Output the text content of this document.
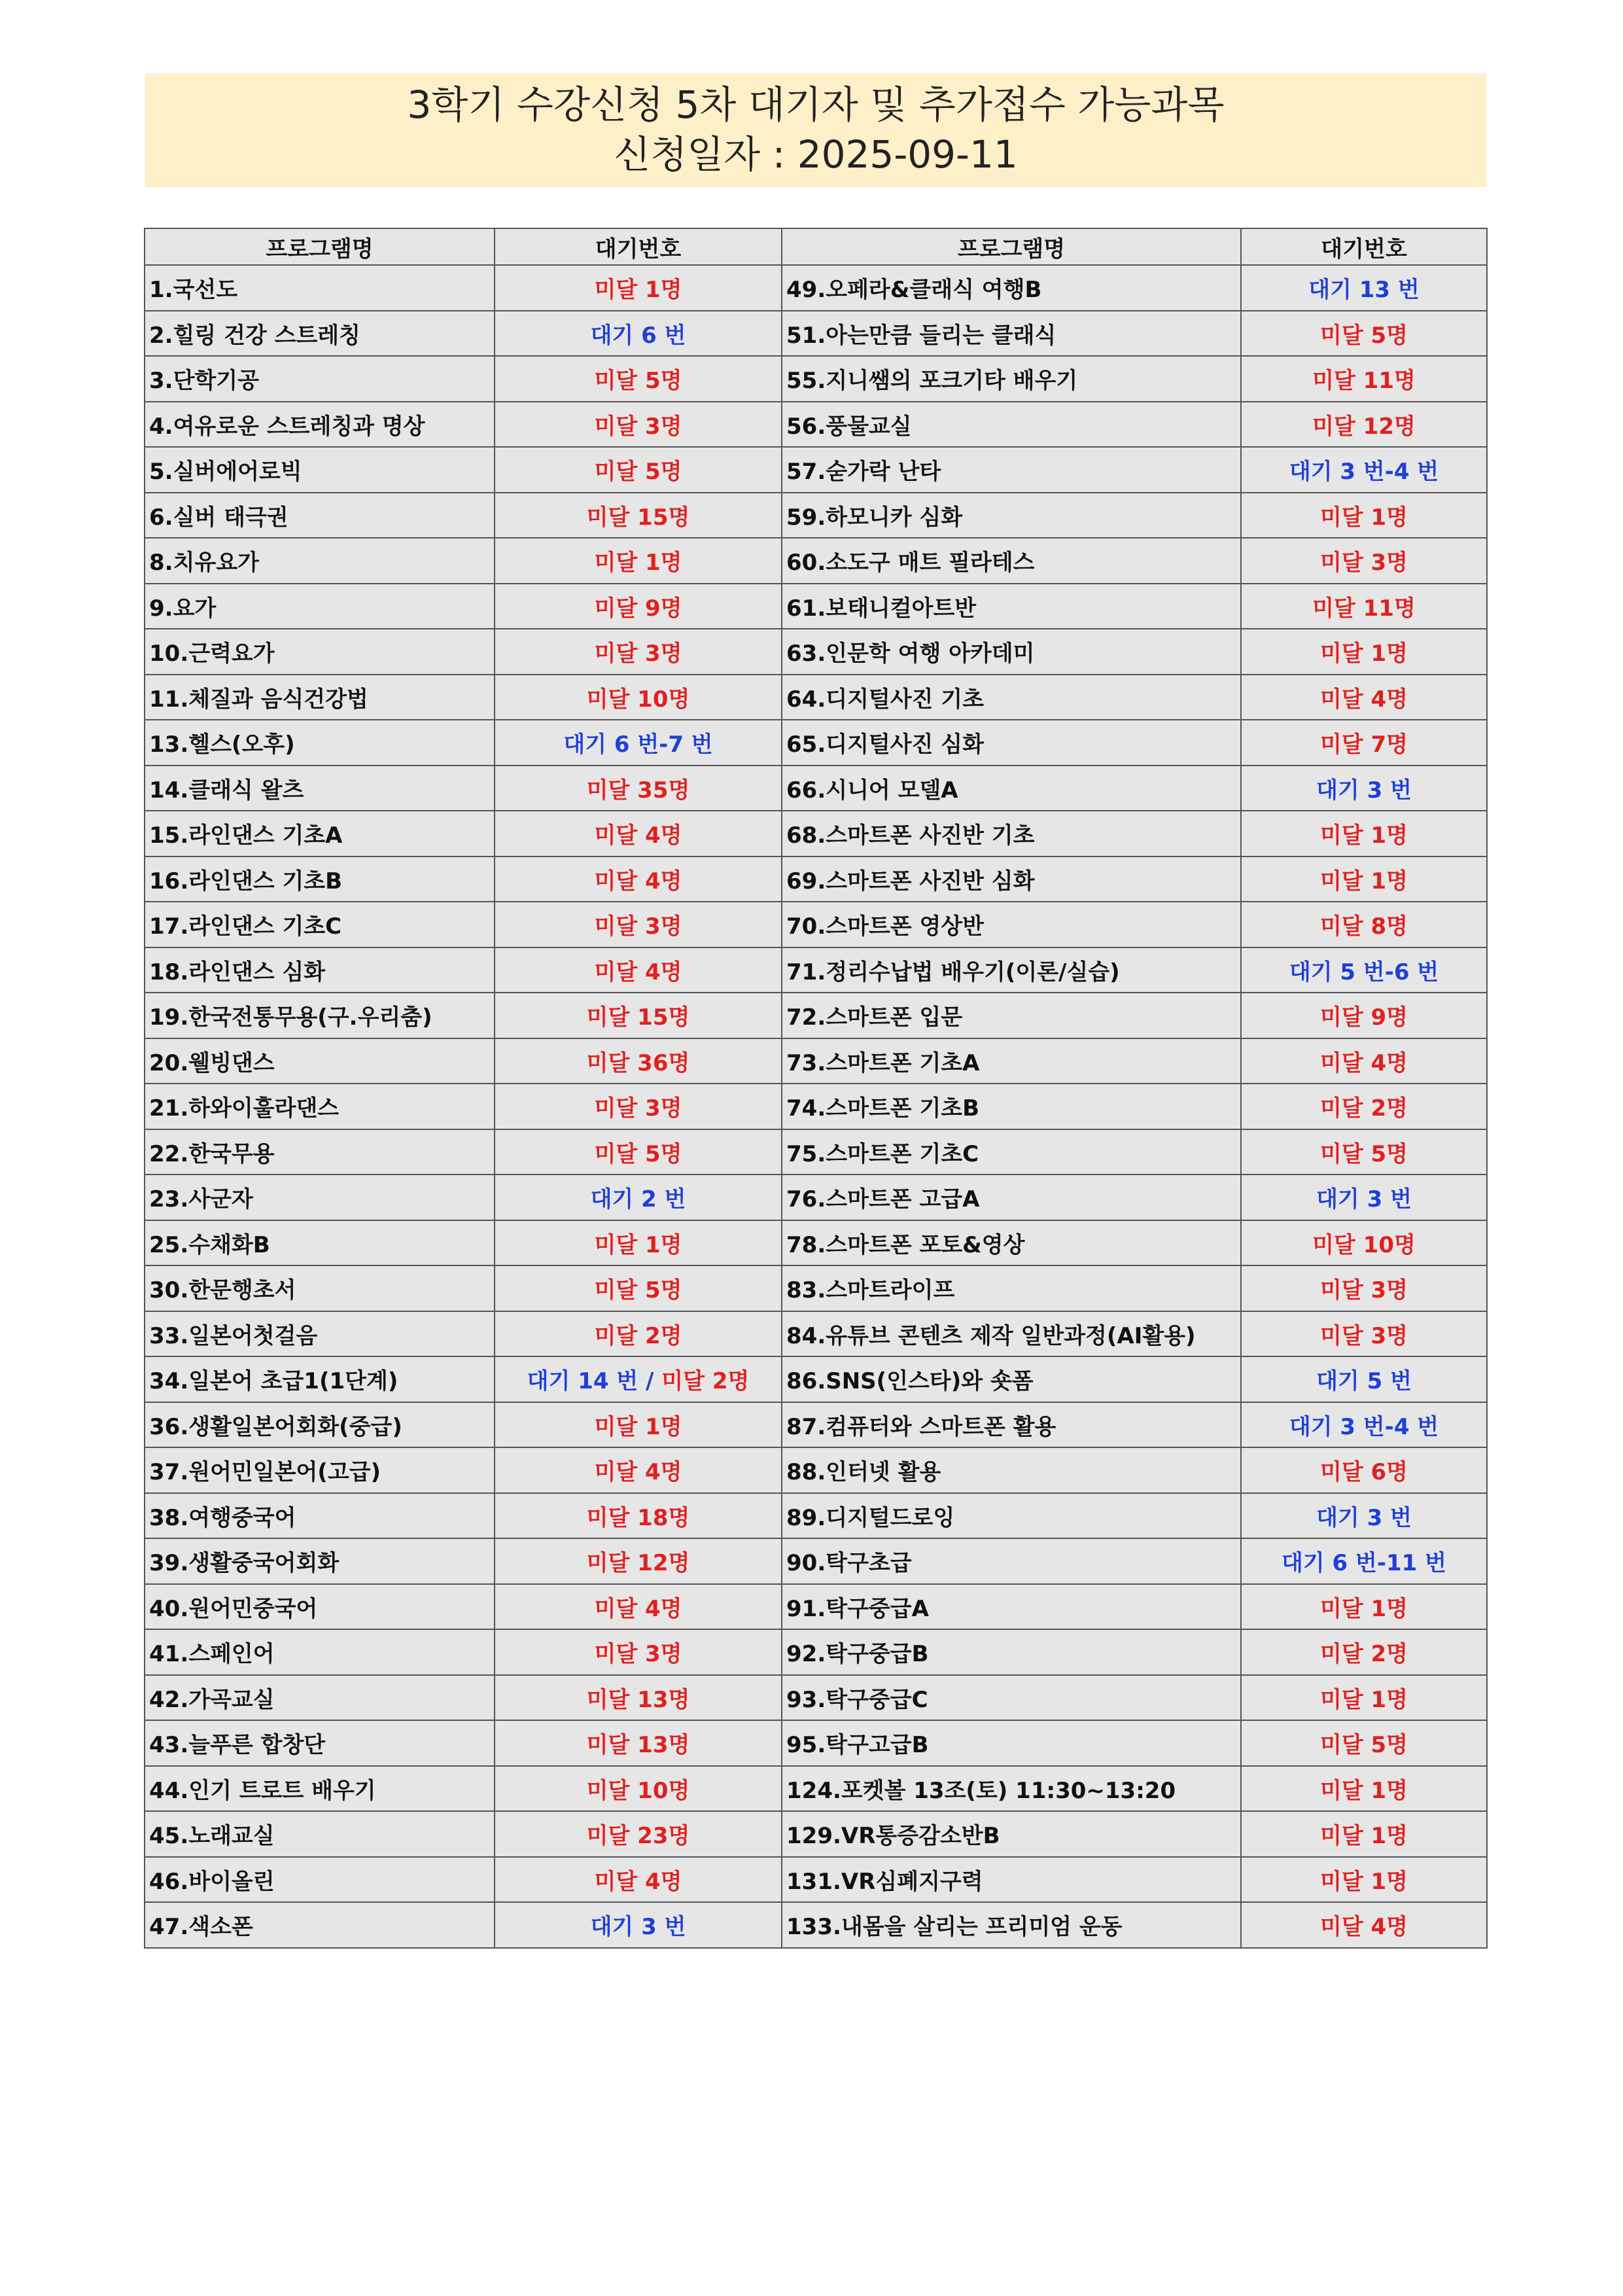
3학기 수강신청 5차 대기자 및 추가접수 가능과목
신청일자 : 2025-09-11
프로그램명	대기번호	프로그램명	대기번호
1.국선도	미달 1명	49.오페라&클래식 여행B	대기 13 번
2.힐링 건강 스트레칭	대기 6 번	51.아는만큼 들리는 클래식	미달 5명
3.단학기공	미달 5명	55.지니쌤의 포크기타 배우기	미달 11명
4.여유로운 스트레칭과 명상	미달 3명	56.풍물교실	미달 12명
5.실버에어로빅	미달 5명	57.숟가락 난타	대기 3 번-4 번
6.실버 태극권	미달 15명	59.하모니카 심화	미달 1명
8.치유요가	미달 1명	60.소도구 매트 필라테스	미달 3명
9.요가	미달 9명	61.보태니컬아트반	미달 11명
10.근력요가	미달 3명	63.인문학 여행 아카데미	미달 1명
11.체질과 음식건강법	미달 10명	64.디지털사진 기초	미달 4명
13.헬스(오후)	대기 6 번-7 번	65.디지털사진 심화	미달 7명
14.클래식 왈츠	미달 35명	66.시니어 모델A	대기 3 번
15.라인댄스 기초A	미달 4명	68.스마트폰 사진반 기초	미달 1명
16.라인댄스 기초B	미달 4명	69.스마트폰 사진반 심화	미달 1명
17.라인댄스 기초C	미달 3명	70.스마트폰 영상반	미달 8명
18.라인댄스 심화	미달 4명	71.정리수납법 배우기(이론/실습)	대기 5 번-6 번
19.한국전통무용(구.우리춤)	미달 15명	72.스마트폰 입문	미달 9명
20.웰빙댄스	미달 36명	73.스마트폰 기초A	미달 4명
21.하와이훌라댄스	미달 3명	74.스마트폰 기초B	미달 2명
22.한국무용	미달 5명	75.스마트폰 기초C	미달 5명
23.사군자	대기 2 번	76.스마트폰 고급A	대기 3 번
25.수채화B	미달 1명	78.스마트폰 포토&영상	미달 10명
30.한문행초서	미달 5명	83.스마트라이프	미달 3명
33.일본어첫걸음	미달 2명	84.유튜브 콘텐츠 제작 일반과정(AI활용)	미달 3명
34.일본어 초급1(1단계)	대기 14 번 / 미달 2명	86.SNS(인스타)와 숏폼	대기 5 번
36.생활일본어회화(중급)	미달 1명	87.컴퓨터와 스마트폰 활용	대기 3 번-4 번
37.원어민일본어(고급)	미달 4명	88.인터넷 활용	미달 6명
38.여행중국어	미달 18명	89.디지털드로잉	대기 3 번
39.생활중국어회화	미달 12명	90.탁구초급	대기 6 번-11 번
40.원어민중국어	미달 4명	91.탁구중급A	미달 1명
41.스페인어	미달 3명	92.탁구중급B	미달 2명
42.가곡교실	미달 13명	93.탁구중급C	미달 1명
43.늘푸른 합창단	미달 13명	95.탁구고급B	미달 5명
44.인기 트로트 배우기	미달 10명	124.포켓볼 13조(토) 11:30~13:20	미달 1명
45.노래교실	미달 23명	129.VR통증감소반B	미달 1명
46.바이올린	미달 4명	131.VR심폐지구력	미달 1명
47.색소폰	대기 3 번	133.내몸을 살리는 프리미엄 운동	미달 4명
